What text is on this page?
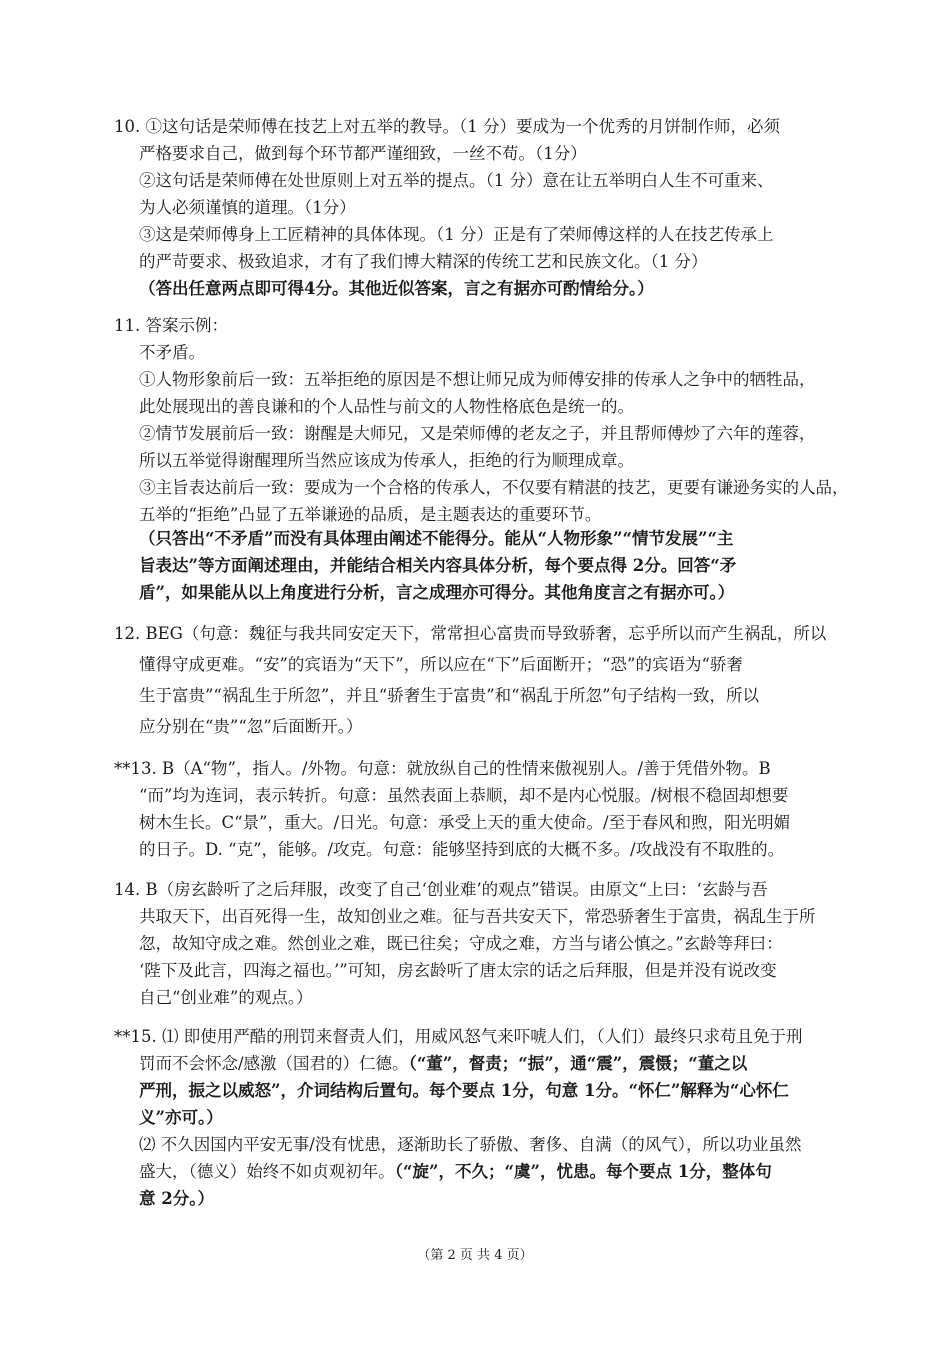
10. ①这句话是荣师傅在技艺上对五举的教导。（1 分）要成为一个优秀的月饼制作师，必须
严格要求自己，做到每个环节都严谨细致，一丝不苟。（1分）
②这句话是荣师傅在处世原则上对五举的提点。（1 分）意在让五举明白人生不可重来、
为人必须谨慎的道理。（1分）
③这是荣师傅身上工匠精神的具体体现。（1 分）正是有了荣师傅这样的人在技艺传承上
的严苛要求、极致追求，才有了我们博大精深的传统工艺和民族文化。（1 分）
（答出任意两点即可得4分。其他近似答案，言之有据亦可酌情给分。）
11. 答案示例：
不矛盾。
①人物形象前后一致：五举拒绝的原因是不想让师兄成为师傅安排的传承人之争中的牺牲品，
此处展现出的善良谦和的个人品性与前文的人物性格底色是统一的。
②情节发展前后一致：谢醒是大师兄，又是荣师傅的老友之子，并且帮师傅炒了六年的莲蓉，
所以五举觉得谢醒理所当然应该成为传承人，拒绝的行为顺理成章。
③主旨表达前后一致：要成为一个合格的传承人，不仅要有精湛的技艺，更要有谦逊务实的人品，
五举的“拒绝”凸显了五举谦逊的品质，是主题表达的重要环节。
（只答出“不矛盾”而没有具体理由阐述不能得分。能从“人物形象”“情节发展”“主
旨表达”等方面阐述理由，并能结合相关内容具体分析，每个要点得 2分。回答“矛
盾”，如果能从以上角度进行分析，言之成理亦可得分。其他角度言之有据亦可。）
12. BEG（句意：魏征与我共同安定天下，常常担心富贵而导致骄奢，忘乎所以而产生祸乱，所以
懂得守成更难。“安”的宾语为“天下”，所以应在“下”后面断开；“恐”的宾语为“骄奢
生于富贵”“祸乱生于所忽”，并且“骄奢生于富贵”和“祸乱于所忽”句子结构一致，所以
应分别在“贵”“忽”后面断开。）
**13. B（A“物”，指人。/外物。句意：就放纵自己的性情来傲视别人。/善于凭借外物。B
“而”均为连词，表示转折。句意：虽然表面上恭顺，却不是内心悦服。/树根不稳固却想要
树木生长。C“景”，重大。/日光。句意：承受上天的重大使命。/至于春风和煦，阳光明媚
的日子。D. “克”，能够。/攻克。句意：能够坚持到底的大概不多。/攻战没有不取胜的。
14. B（房玄龄听了之后拜服，改变了自己‘创业难’的观点”错误。由原文“上曰：‘玄龄与吾
共取天下，出百死得一生，故知创业之难。征与吾共安天下，常恐骄奢生于富贵，祸乱生于所
忽，故知守成之难。然创业之难，既已往矣；守成之难，方当与诸公慎之。”玄龄等拜曰：
‘陛下及此言，四海之福也。’”可知，房玄龄听了唐太宗的话之后拜服，但是并没有说改变
自己“创业难”的观点。）
**15. ⑴ 即使用严酷的刑罚来督责人们，用威风怒气来吓唬人们，（人们）最终只求苟且免于刑
罚而不会怀念/感激（国君的）仁德。（“董”，督责；“振”，通“震”，震慑；“董之以
严刑，振之以威怒”，介词结构后置句。每个要点 1分，句意 1分。“怀仁”解释为“心怀仁
义”亦可。）
⑵ 不久因国内平安无事/没有忧患，逐渐助长了骄傲、奢侈、自满（的风气），所以功业虽然
盛大，（德义）始终不如贞观初年。（“旋”，不久；“虞”，忧患。每个要点 1分，整体句
意 2分。）
（第 2 页 共 4 页）
